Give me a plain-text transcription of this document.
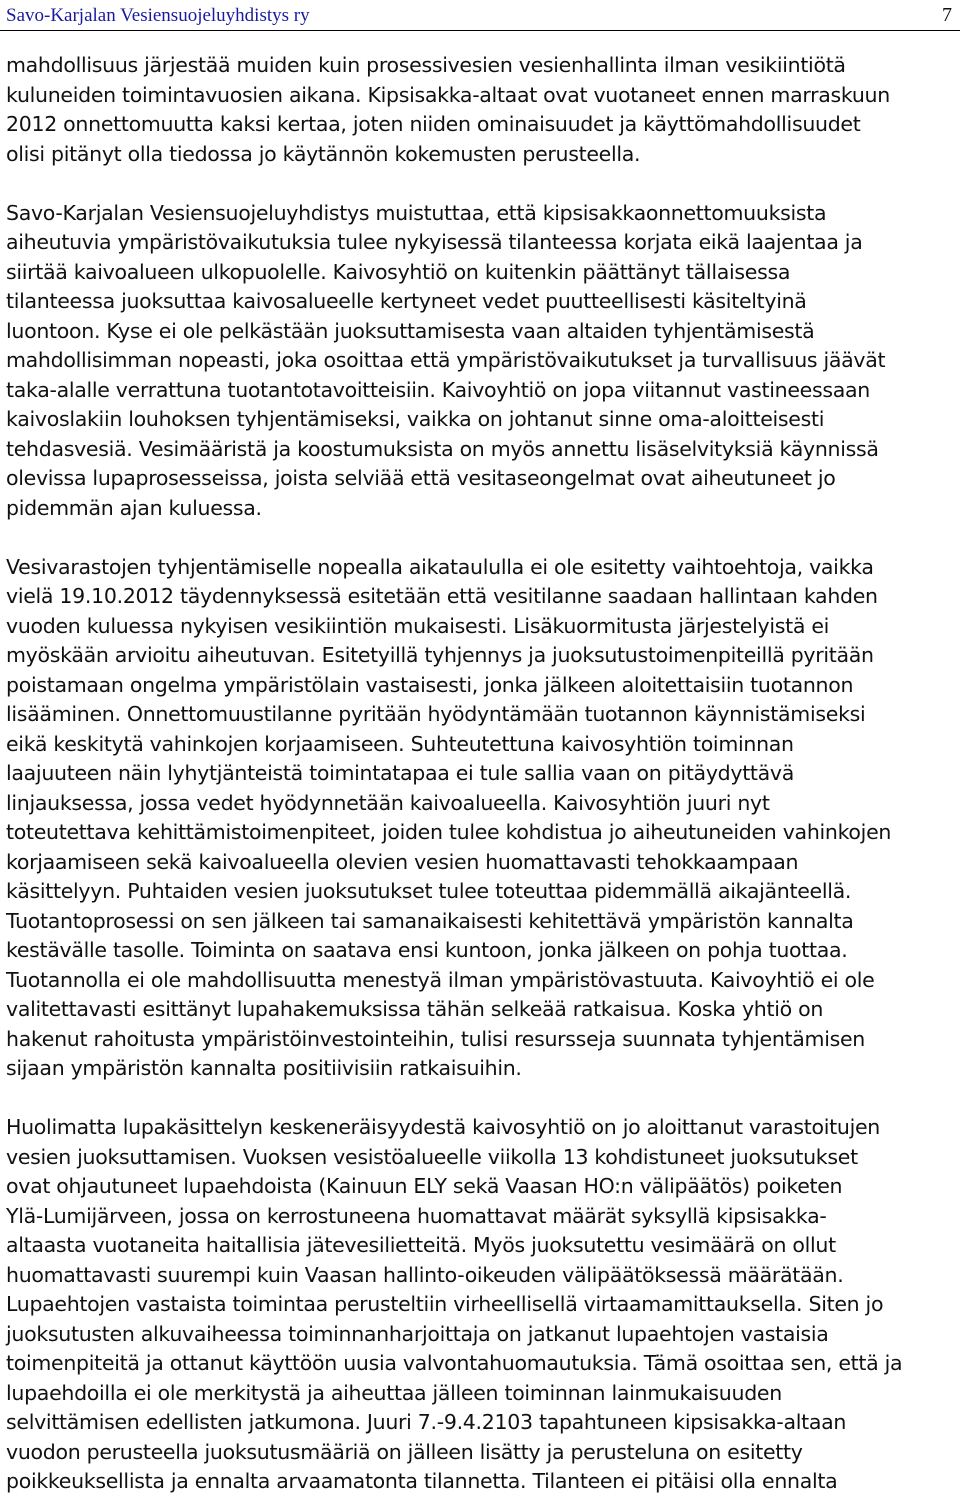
Savo-Karjalan Vesiensuojeluyhdistys ry	7

mahdollisuus järjestää muiden kuin prosessivesien vesienhallinta ilman vesikiintiötä
kuluneiden toimintavuosien aikana. Kipsisakka-altaat ovat vuotaneet ennen marraskuun
2012 onnettomuutta kaksi kertaa, joten niiden ominaisuudet ja käyttömahdollisuudet
olisi pitänyt olla tiedossa jo käytännön kokemusten perusteella.

Savo-Karjalan Vesiensuojeluyhdistys muistuttaa, että kipsisakkaonnettomuuksista
aiheutuvia ympäristövaikutuksia tulee nykyisessä tilanteessa korjata eikä laajentaa ja
siirtää kaivoalueen ulkopuolelle. Kaivosyhtiö on kuitenkin päättänyt tällaisessa
tilanteessa juoksuttaa kaivosalueelle kertyneet vedet puutteellisesti käsiteltyinä
luontoon. Kyse ei ole pelkästään juoksuttamisesta vaan altaiden tyhjentämisestä
mahdollisimman nopeasti, joka osoittaa että ympäristövaikutukset ja turvallisuus jäävät
taka-alalle verrattuna tuotantotavoitteisiin. Kaivoyhtiö on jopa viitannut vastineessaan
kaivoslakiin louhoksen tyhjentämiseksi, vaikka on johtanut sinne oma-aloitteisesti
tehdasvesiä. Vesimääristä ja koostumuksista on myös annettu lisäselvityksiä käynnissä
olevissa lupaprosesseissa, joista selviää että vesitaseongelmat ovat aiheutuneet jo
pidemmän ajan kuluessa.

Vesivarastojen tyhjentämiselle nopealla aikataululla ei ole esitetty vaihtoehtoja, vaikka
vielä 19.10.2012 täydennyksessä esitetään että vesitilanne saadaan hallintaan kahden
vuoden kuluessa nykyisen vesikiintiön mukaisesti. Lisäkuormitusta järjestelyistä ei
myöskään arvioitu aiheutuvan. Esitetyillä tyhjennys ja juoksutustoimenpiteillä pyritään
poistamaan ongelma ympäristölain vastaisesti, jonka jälkeen aloitettaisiin tuotannon
lisääminen. Onnettomuustilanne pyritään hyödyntämään tuotannon käynnistämiseksi
eikä keskitytä vahinkojen korjaamiseen. Suhteutettuna kaivosyhtiön toiminnan
laajuuteen näin lyhytjänteistä toimintatapaa ei tule sallia vaan on pitäydyttävä
linjauksessa, jossa vedet hyödynnetään kaivoalueella. Kaivosyhtiön juuri nyt
toteutettava kehittämistoimenpiteet, joiden tulee kohdistua jo aiheutuneiden vahinkojen
korjaamiseen sekä kaivoalueella olevien vesien huomattavasti tehokkaampaan
käsittelyyn. Puhtaiden vesien juoksutukset tulee toteuttaa pidemmällä aikajänteellä.
Tuotantoprosessi on sen jälkeen tai samanaikaisesti kehitettävä ympäristön kannalta
kestävälle tasolle. Toiminta on saatava ensi kuntoon, jonka jälkeen on pohja tuottaa.
Tuotannolla ei ole mahdollisuutta menestyä ilman ympäristövastuuta. Kaivoyhtiö ei ole
valitettavasti esittänyt lupahakemuksissa tähän selkeää ratkaisua. Koska yhtiö on
hakenut rahoitusta ympäristöinvestointeihin, tulisi resursseja suunnata tyhjentämisen
sijaan ympäristön kannalta positiivisiin ratkaisuihin.

Huolimatta lupakäsittelyn keskeneräisyydestä kaivosyhtiö on jo aloittanut varastoitujen
vesien juoksuttamisen. Vuoksen vesistöalueelle viikolla 13 kohdistuneet juoksutukset
ovat ohjautuneet lupaehdoista (Kainuun ELY sekä Vaasan HO:n välipäätös) poiketen
Ylä-Lumijärveen, jossa on kerrostuneena huomattavat määrät syksyllä kipsisakka-
altaasta vuotaneita haitallisia jätevesilietteitä. Myös juoksutettu vesimäärä on ollut
huomattavasti suurempi kuin Vaasan hallinto-oikeuden välipäätöksessä määrätään.
Lupaehtojen vastaista toimintaa perusteltiin virheellisellä virtaamamittauksella. Siten jo
juoksutusten alkuvaiheessa toiminnanharjoittaja on jatkanut lupaehtojen vastaisia
toimenpiteitä ja ottanut käyttöön uusia valvontahuomautuksia. Tämä osoittaa sen, että ja
lupaehdoilla ei ole merkitystä ja aiheuttaa jälleen toiminnan lainmukaisuuden
selvittämisen edellisten jatkumona. Juuri 7.-9.4.2103 tapahtuneen kipsisakka-altaan
vuodon perusteella juoksutusmääriä on jälleen lisätty ja perusteluna on esitetty
poikkeuksellista ja ennalta arvaamatonta tilannetta. Tilanteen ei pitäisi olla ennalta
